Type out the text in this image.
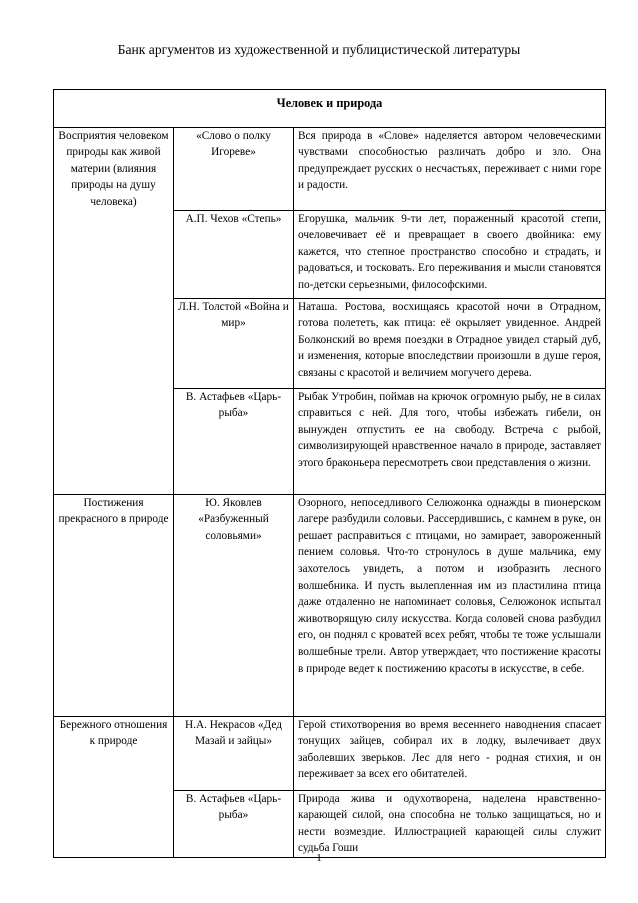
Банк аргументов из художественной и публицистической литературы
Человек и природа		
Восприятия человеком природы как живой материи (влияния природы на душу человека)	«Слово о полку Игореве»	Вся природа в «Слове» наделяется автором человеческими чувствами способностью различать добро и зло. Она предупреждает русских о несчастьях, переживает с ними горе и радости.
	А.П. Чехов «Степь»	Егорушка, мальчик 9-ти лет, пораженный красотой степи, очеловечивает её и превращает в своего двойника: ему кажется, что степное пространство способно и страдать, и радоваться, и тосковать. Его переживания и мысли становятся по-детски серьезными, философскими.
	Л.Н. Толстой «Война и мир»	Наташа. Ростова, восхищаясь красотой ночи в Отрадном, готова полететь, как птица: её окрыляет увиденное. Андрей Болконский во время поездки в Отрадное увидел старый дуб, и изменения, которые впоследствии произошли в душе героя, связаны с красотой и величием могучего дерева.
	В. Астафьев «Царь-рыба»	Рыбак Утробин, поймав на крючок огромную рыбу, не в силах справиться с ней. Для того, чтобы избежать гибели, он вынужден отпустить ее на свободу. Встреча с рыбой, символизирующей нравственное начало в природе, заставляет этого браконьера пересмотреть свои представления о жизни.
Постижения прекрасного в природе	Ю. Яковлев «Разбуженный соловьями»	Озорного, непоседливого Селюжонка однажды в пионерском лагере разбудили соловьи. Рассердившись, с камнем в руке, он решает расправиться с птицами, но замирает, завороженный пением соловья. Что-то стронулось в душе мальчика, ему захотелось увидеть, а потом и изобразить лесного волшебника. И пусть вылепленная им из пластилина птица даже отдаленно не напоминает соловья, Селюжонок испытал животворящую силу искусства. Когда соловей снова разбудил его, он поднял с кроватей всех ребят, чтобы те тоже услышали волшебные трели. Автор утверждает, что постижение красоты в природе ведет к постижению красоты в искусстве, в себе.
Бережного отношения к природе	Н.А. Некрасов «Дед Мазай и зайцы»	Герой стихотворения во время весеннего наводнения спасает тонущих зайцев, собирал их в лодку, вылечивает двух заболевших зверьков. Лес для него - родная стихия, и он переживает за всех его обитателей.
	В. Астафьев «Царь-рыба»	Природа жива и одухотворена, наделена нравственно-карающей силой, она способна не только защищаться, но и нести возмездие. Иллюстрацией карающей силы служит судьба Гоши
1
